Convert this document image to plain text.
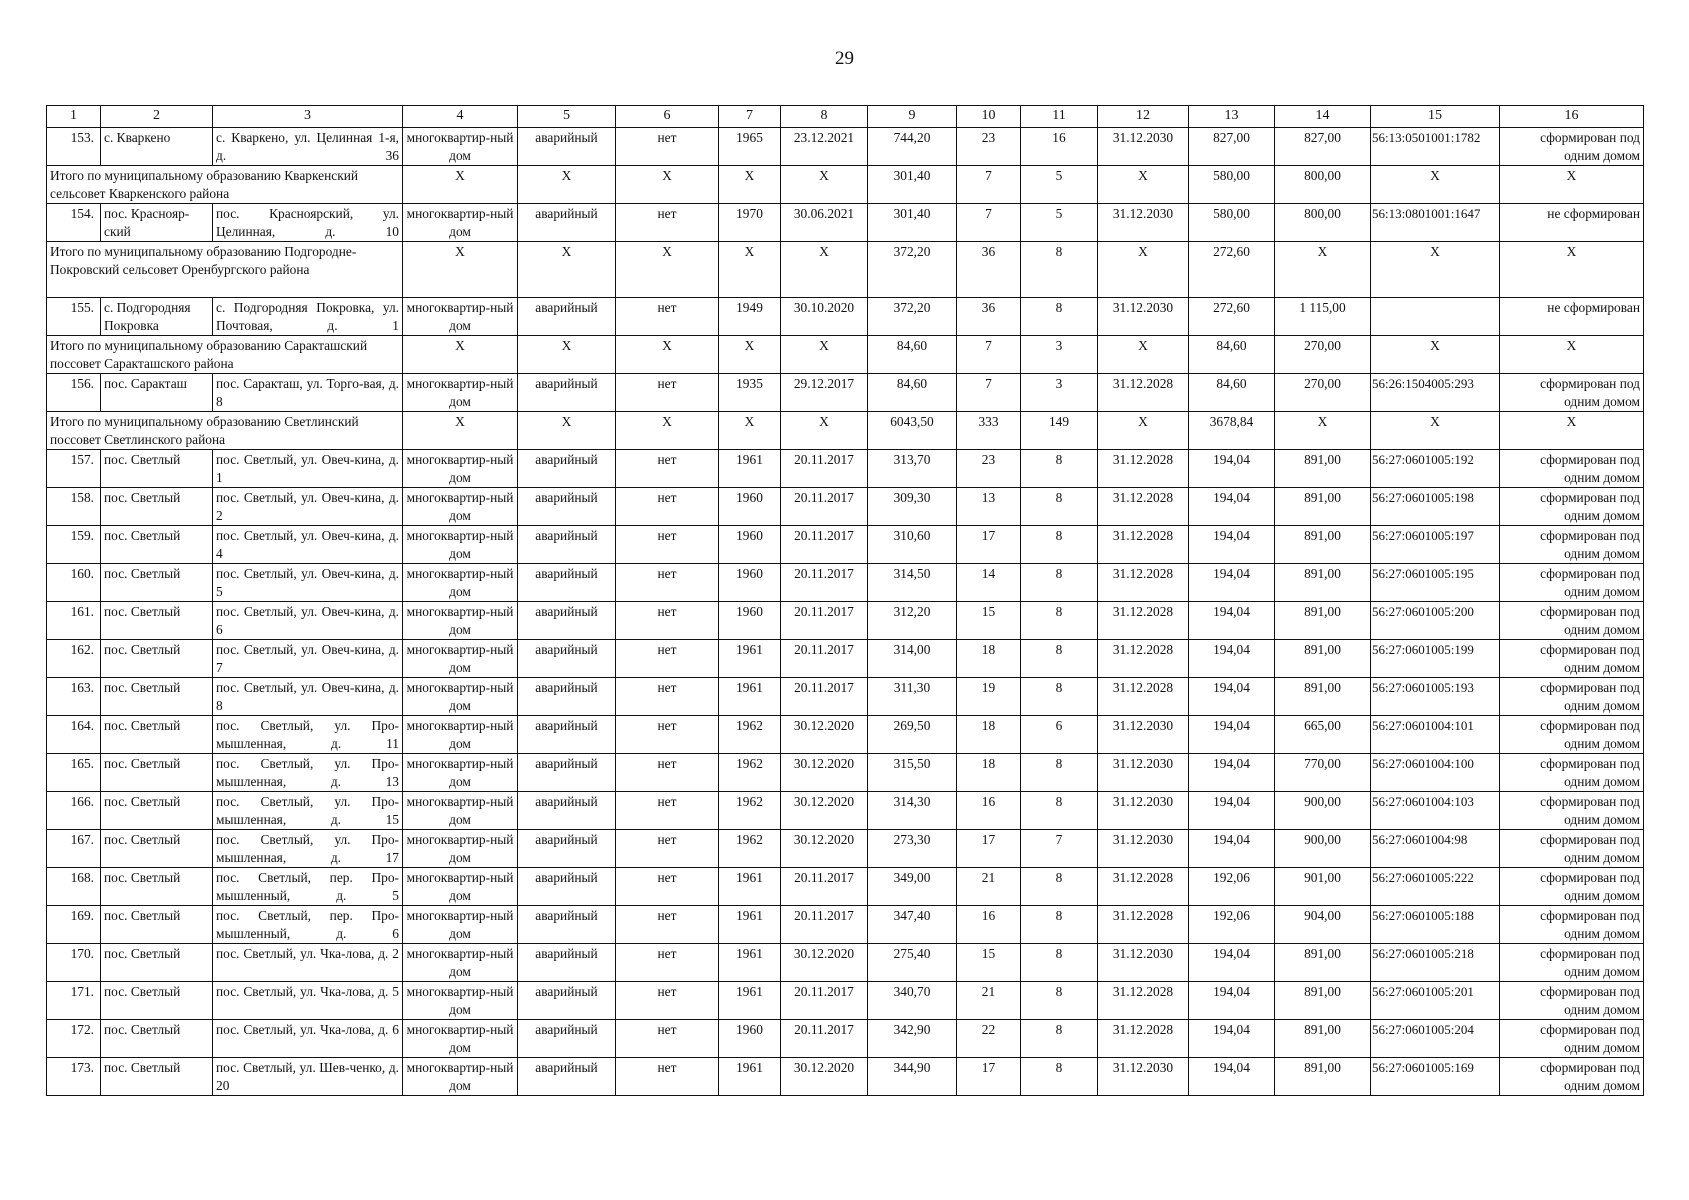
29
1	2	3	4	5	6	7	8	9	10	11	12	13	14	15	16
153.	с. Кваркено	с. Кваркено, ул. Целинная 1-я, д. 36	многоквартир-ный дом	аварийный	нет	1965	23.12.2021	744,20	23	16	31.12.2030	827,00	827,00	56:13:0501001:1782	сформирован под одним домом
Итого по муниципальному образованию Кваркенский сельсовет Кваркенского района			X	X	X	X	X	301,40	7	5	X	580,00	800,00	X	X
154.	пос. Краснояр-ский	пос. Красноярский, ул. Целинная, д. 10	многоквартир-ный дом	аварийный	нет	1970	30.06.2021	301,40	7	5	31.12.2030	580,00	800,00	56:13:0801001:1647	не сформирован
Итого по муниципальному образованию Подгородне-Покровский сельсовет Оренбургского района			X	X	X	X	X	372,20	36	8	X	272,60	X	X	X
155.	с. Подгородняя Покровка	с. Подгородняя Покровка, ул. Почтовая, д. 1	многоквартир-ный дом	аварийный	нет	1949	30.10.2020	372,20	36	8	31.12.2030	272,60	1 115,00		не сформирован
Итого по муниципальному образованию Саракташский поссовет Саракташского района			X	X	X	X	X	84,60	7	3	X	84,60	270,00	X	X
156.	пос. Саракташ	пос. Саракташ, ул. Торго-вая, д. 8	многоквартир-ный дом	аварийный	нет	1935	29.12.2017	84,60	7	3	31.12.2028	84,60	270,00	56:26:1504005:293	сформирован под одним домом
Итого по муниципальному образованию Светлинский поссовет Светлинского района			X	X	X	X	X	6043,50	333	149	X	3678,84	X	X	X
157.	пос. Светлый	пос. Светлый, ул. Овеч-кина, д. 1	многоквартир-ный дом	аварийный	нет	1961	20.11.2017	313,70	23	8	31.12.2028	194,04	891,00	56:27:0601005:192	сформирован под одним домом
158.	пос. Светлый	пос. Светлый, ул. Овеч-кина, д. 2	многоквартир-ный дом	аварийный	нет	1960	20.11.2017	309,30	13	8	31.12.2028	194,04	891,00	56:27:0601005:198	сформирован под одним домом
159.	пос. Светлый	пос. Светлый, ул. Овеч-кина, д. 4	многоквартир-ный дом	аварийный	нет	1960	20.11.2017	310,60	17	8	31.12.2028	194,04	891,00	56:27:0601005:197	сформирован под одним домом
160.	пос. Светлый	пос. Светлый, ул. Овеч-кина, д. 5	многоквартир-ный дом	аварийный	нет	1960	20.11.2017	314,50	14	8	31.12.2028	194,04	891,00	56:27:0601005:195	сформирован под одним домом
161.	пос. Светлый	пос. Светлый, ул. Овеч-кина, д. 6	многоквартир-ный дом	аварийный	нет	1960	20.11.2017	312,20	15	8	31.12.2028	194,04	891,00	56:27:0601005:200	сформирован под одним домом
162.	пос. Светлый	пос. Светлый, ул. Овеч-кина, д. 7	многоквартир-ный дом	аварийный	нет	1961	20.11.2017	314,00	18	8	31.12.2028	194,04	891,00	56:27:0601005:199	сформирован под одним домом
163.	пос. Светлый	пос. Светлый, ул. Овеч-кина, д. 8	многоквартир-ный дом	аварийный	нет	1961	20.11.2017	311,30	19	8	31.12.2028	194,04	891,00	56:27:0601005:193	сформирован под одним домом
164.	пос. Светлый	пос. Светлый, ул. Про-мышленная, д. 11	многоквартир-ный дом	аварийный	нет	1962	30.12.2020	269,50	18	6	31.12.2030	194,04	665,00	56:27:0601004:101	сформирован под одним домом
165.	пос. Светлый	пос. Светлый, ул. Про-мышленная, д. 13	многоквартир-ный дом	аварийный	нет	1962	30.12.2020	315,50	18	8	31.12.2030	194,04	770,00	56:27:0601004:100	сформирован под одним домом
166.	пос. Светлый	пос. Светлый, ул. Про-мышленная, д. 15	многоквартир-ный дом	аварийный	нет	1962	30.12.2020	314,30	16	8	31.12.2030	194,04	900,00	56:27:0601004:103	сформирован под одним домом
167.	пос. Светлый	пос. Светлый, ул. Про-мышленная, д. 17	многоквартир-ный дом	аварийный	нет	1962	30.12.2020	273,30	17	7	31.12.2030	194,04	900,00	56:27:0601004:98	сформирован под одним домом
168.	пос. Светлый	пос. Светлый, пер. Про-мышленный, д. 5	многоквартир-ный дом	аварийный	нет	1961	20.11.2017	349,00	21	8	31.12.2028	192,06	901,00	56:27:0601005:222	сформирован под одним домом
169.	пос. Светлый	пос. Светлый, пер. Про-мышленный, д. 6	многоквартир-ный дом	аварийный	нет	1961	20.11.2017	347,40	16	8	31.12.2028	192,06	904,00	56:27:0601005:188	сформирован под одним домом
170.	пос. Светлый	пос. Светлый, ул. Чка-лова, д. 2	многоквартир-ный дом	аварийный	нет	1961	30.12.2020	275,40	15	8	31.12.2030	194,04	891,00	56:27:0601005:218	сформирован под одним домом
171.	пос. Светлый	пос. Светлый, ул. Чка-лова, д. 5	многоквартир-ный дом	аварийный	нет	1961	20.11.2017	340,70	21	8	31.12.2028	194,04	891,00	56:27:0601005:201	сформирован под одним домом
172.	пос. Светлый	пос. Светлый, ул. Чка-лова, д. 6	многоквартир-ный дом	аварийный	нет	1960	20.11.2017	342,90	22	8	31.12.2028	194,04	891,00	56:27:0601005:204	сформирован под одним домом
173.	пос. Светлый	пос. Светлый, ул. Шев-ченко, д. 20	многоквартир-ный дом	аварийный	нет	1961	30.12.2020	344,90	17	8	31.12.2030	194,04	891,00	56:27:0601005:169	сформирован под одним домом
